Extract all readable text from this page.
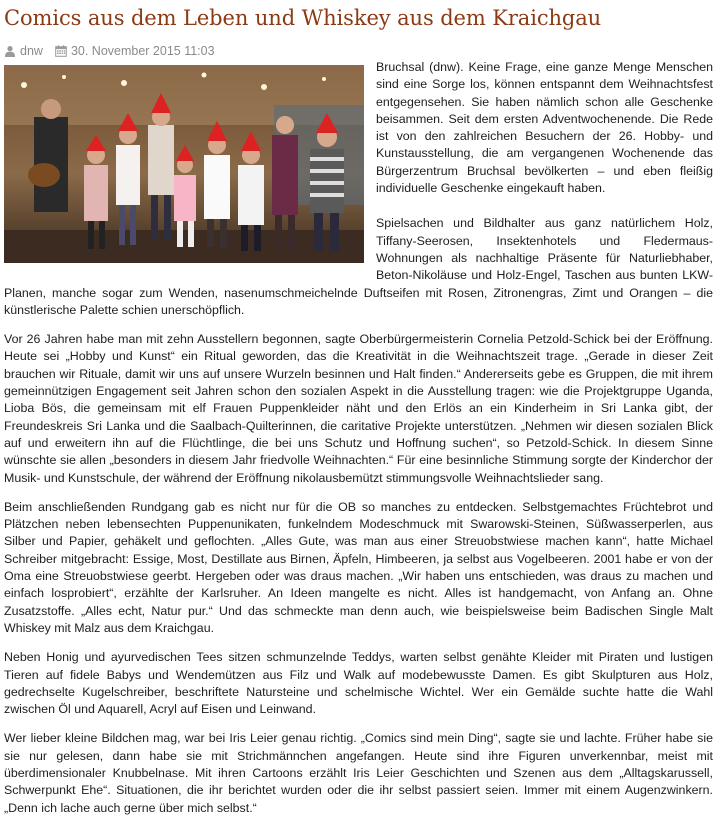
Comics aus dem Leben und Whiskey aus dem Kraichgau
dnw 30. November 2015 11:03

Bruchsal (dnw). Keine Frage, eine ganze Menge Menschen sind eine Sorge los, können entspannt dem Weihnachtsfest entgegensehen. Sie haben nämlich schon alle Geschenke beisammen. Seit dem ersten Adventwochenende. Die Rede ist von den zahlreichen Besuchern der 26. Hobby- und Kunstausstellung, die am vergangenen Wochenende das Bürgerzentrum Bruchsal bevölkerten – und eben fleißig individuelle Geschenke eingekauft haben.

Spielsachen und Bildhalter aus ganz natürlichem Holz, Tiffany-Seerosen, Insektenhotels und Fledermaus-Wohnungen als nachhaltige Präsente für Naturliebhaber, Beton-Nikoläuse und Holz-Engel, Taschen aus bunten LKW-Planen, manche sogar zum Wenden, nasenumschmeichelnde Duftseifen mit Rosen, Zitronengras, Zimt und Orangen – die künstlerische Palette schien unerschöpflich.

Vor 26 Jahren habe man mit zehn Ausstellern begonnen, sagte Oberbürgermeisterin Cornelia Petzold-Schick bei der Eröffnung. Heute sei „Hobby und Kunst“ ein Ritual geworden, das die Kreativität in die Weihnachtszeit trage. „Gerade in dieser Zeit brauchen wir Rituale, damit wir uns auf unsere Wurzeln besinnen und Halt finden.“ Andererseits gebe es Gruppen, die mit ihrem gemeinnützigen Engagement seit Jahren schon den sozialen Aspekt in die Ausstellung tragen: wie die Projektgruppe Uganda, Lioba Bös, die gemeinsam mit elf Frauen Puppenkleider näht und den Erlös an ein Kinderheim in Sri Lanka gibt, der Freundeskreis Sri Lanka und die Saalbach-Quilterinnen, die caritative Projekte unterstützen. „Nehmen wir diesen sozialen Blick auf und erweitern ihn auf die Flüchtlinge, die bei uns Schutz und Hoffnung suchen“, so Petzold-Schick. In diesem Sinne wünschte sie allen „besonders in diesem Jahr friedvolle Weihnachten.“ Für eine besinnliche Stimmung sorgte der Kinderchor der Musik- und Kunstschule, der während der Eröffnung nikolausbemützt stimmungsvolle Weihnachtslieder sang.

Beim anschließenden Rundgang gab es nicht nur für die OB so manches zu entdecken. Selbstgemachtes Früchtebrot und Plätzchen neben lebensechten Puppenunikaten, funkelndem Modeschmuck mit Swarowski-Steinen, Süßwasserperlen, aus Silber und Papier, gehäkelt und geflochten. „Alles Gute, was man aus einer Streuobstwiese machen kann“, hatte Michael Schreiber mitgebracht: Essige, Most, Destillate aus Birnen, Äpfeln, Himbeeren, ja selbst aus Vogelbeeren. 2001 habe er von der Oma eine Streuobstwiese geerbt. Hergeben oder was draus machen. „Wir haben uns entschieden, was draus zu machen und einfach losprobiert“, erzählte der Karlsruher. An Ideen mangelte es nicht. Alles ist handgemacht, von Anfang an. Ohne Zusatzstoffe. „Alles echt, Natur pur.“ Und das schmeckte man denn auch, wie beispielsweise beim Badischen Single Malt Whiskey mit Malz aus dem Kraichgau.

Neben Honig und ayurvedischen Tees sitzen schmunzelnde Teddys, warten selbst genähte Kleider mit Piraten und lustigen Tieren auf fidele Babys und Wendemützen aus Filz und Walk auf modebewusste Damen. Es gibt Skulpturen aus Holz, gedrechselte Kugelschreiber, beschriftete Natursteine und schelmische Wichtel. Wer ein Gemälde suchte hatte die Wahl zwischen Öl und Aquarell, Acryl auf Eisen und Leinwand.

Wer lieber kleine Bildchen mag, war bei Iris Leier genau richtig. „Comics sind mein Ding“, sagte sie und lachte. Früher habe sie sie nur gelesen, dann habe sie mit Strichmännchen angefangen. Heute sind ihre Figuren unverkennbar, meist mit überdimensionaler Knubbelnase. Mit ihren Cartoons erzählt Iris Leier Geschichten und Szenen aus dem „Alltagskarussell, Schwerpunkt Ehe“. Situationen, die ihr berichtet wurden oder die ihr selbst passiert seien. Immer mit einem Augenzwinkern. „Denn ich lache auch gerne über mich selbst.“
